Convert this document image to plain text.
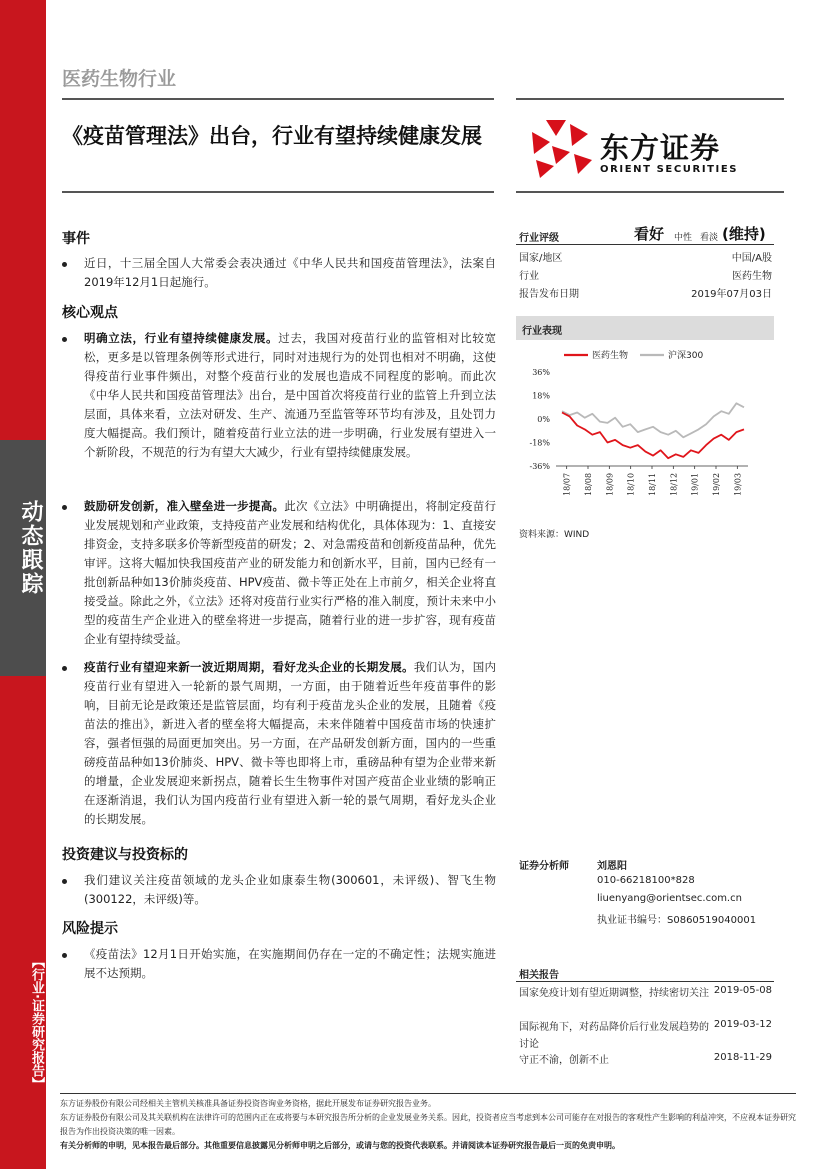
动态跟踪
【行业·证券研究报告】
医药生物行业
《疫苗管理法》出台，行业有望持续健康发展	东方证券
ORIENT SECURITIES
事件
近日，十三届全国人大常委会表决通过《中华人民共和国疫苗管理法》，法案自2019年12月1日起施行。
核心观点
明确立法，行业有望持续健康发展。过去，我国对疫苗行业的监管相对比较宽松，更多是以管理条例等形式进行，同时对违规行为的处罚也相对不明确，这使得疫苗行业事件频出，对整个疫苗行业的发展也造成不同程度的影响。而此次《中华人民共和国疫苗管理法》出台，是中国首次将疫苗行业的监管上升到立法层面，具体来看，立法对研发、生产、流通乃至监管等环节均有涉及，且处罚力度大幅提高。我们预计，随着疫苗行业立法的进一步明确，行业发展有望进入一个新阶段，不规范的行为有望大大减少，行业有望持续健康发展。
鼓励研发创新，准入壁垒进一步提高。此次《立法》中明确提出，将制定疫苗行业发展规划和产业政策，支持疫苗产业发展和结构优化，具体体现为：1、直接安排资金，支持多联多价等新型疫苗的研发；2、对急需疫苗和创新疫苗品种，优先审评。这将大幅加快我国疫苗产业的研发能力和创新水平，目前，国内已经有一批创新品种如13价肺炎疫苗、HPV疫苗、微卡等正处在上市前夕，相关企业将直接受益。除此之外，《立法》还将对疫苗行业实行严格的准入制度，预计未来中小型的疫苗生产企业进入的壁垒将进一步提高，随着行业的进一步扩容，现有疫苗企业有望持续受益。
疫苗行业有望迎来新一波近期周期，看好龙头企业的长期发展。我们认为，国内疫苗行业有望进入一轮新的景气周期，一方面，由于随着近些年疫苗事件的影响，目前无论是政策还是监管层面，均有利于疫苗龙头企业的发展，且随着《疫苗法的推出》，新进入者的壁垒将大幅提高，未来伴随着中国疫苗市场的快速扩容，强者恒强的局面更加突出。另一方面，在产品研发创新方面，国内的一些重磅疫苗品种如13价肺炎、HPV、微卡等也即将上市，重磅品种有望为企业带来新的增量，企业发展迎来新拐点，随着长生生物事件对国产疫苗企业业绩的影响正在逐渐消退，我们认为国内疫苗行业有望进入新一轮的景气周期，看好龙头企业的长期发展。
投资建议与投资标的
我们建议关注疫苗领域的龙头企业如康泰生物(300601，未评级)、智飞生物(300122，未评级)等。
风险提示
《疫苗法》12月1日开始实施，在实施期间仍存在一定的不确定性；法规实施进展不达预期。
行业评级	看好 中性 看淡 (维持)
国家/地区	中国/A股
行业	医药生物
报告发布日期	2019年07月03日
行业表现
医药生物	沪深300
36%
18%
0%
-18%
-36%
18/07 18/08 18/09 18/10 18/11 18/12 19/01 19/02 19/03
资料来源：WIND
证券分析师	刘恩阳
010-66218100*828
liuenyang@orientsec.com.cn
执业证书编号：S0860519040001
相关报告
国家免疫计划有望近期调整，持续密切关注 2019-05-08
国际视角下，对药品降价后行业发展趋势的讨论
2019-03-12
守正不渝，创新不止	2018-11-29
东方证券股份有限公司经相关主管机关核准具备证券投资咨询业务资格，据此开展发布证券研究报告业务。
东方证券股份有限公司及其关联机构在法律许可的范围内正在或将要与本研究报告所分析的企业发展业务关系。因此，投资者应当考虑到本公司可能存在对报告的客观性产生影响的利益冲突，不应视本证券研究报告为作出投资决策的唯一因素。
有关分析师的申明，见本报告最后部分。其他重要信息披露见分析师申明之后部分，或请与您的投资代表联系。并请阅读本证券研究报告最后一页的免责申明。
